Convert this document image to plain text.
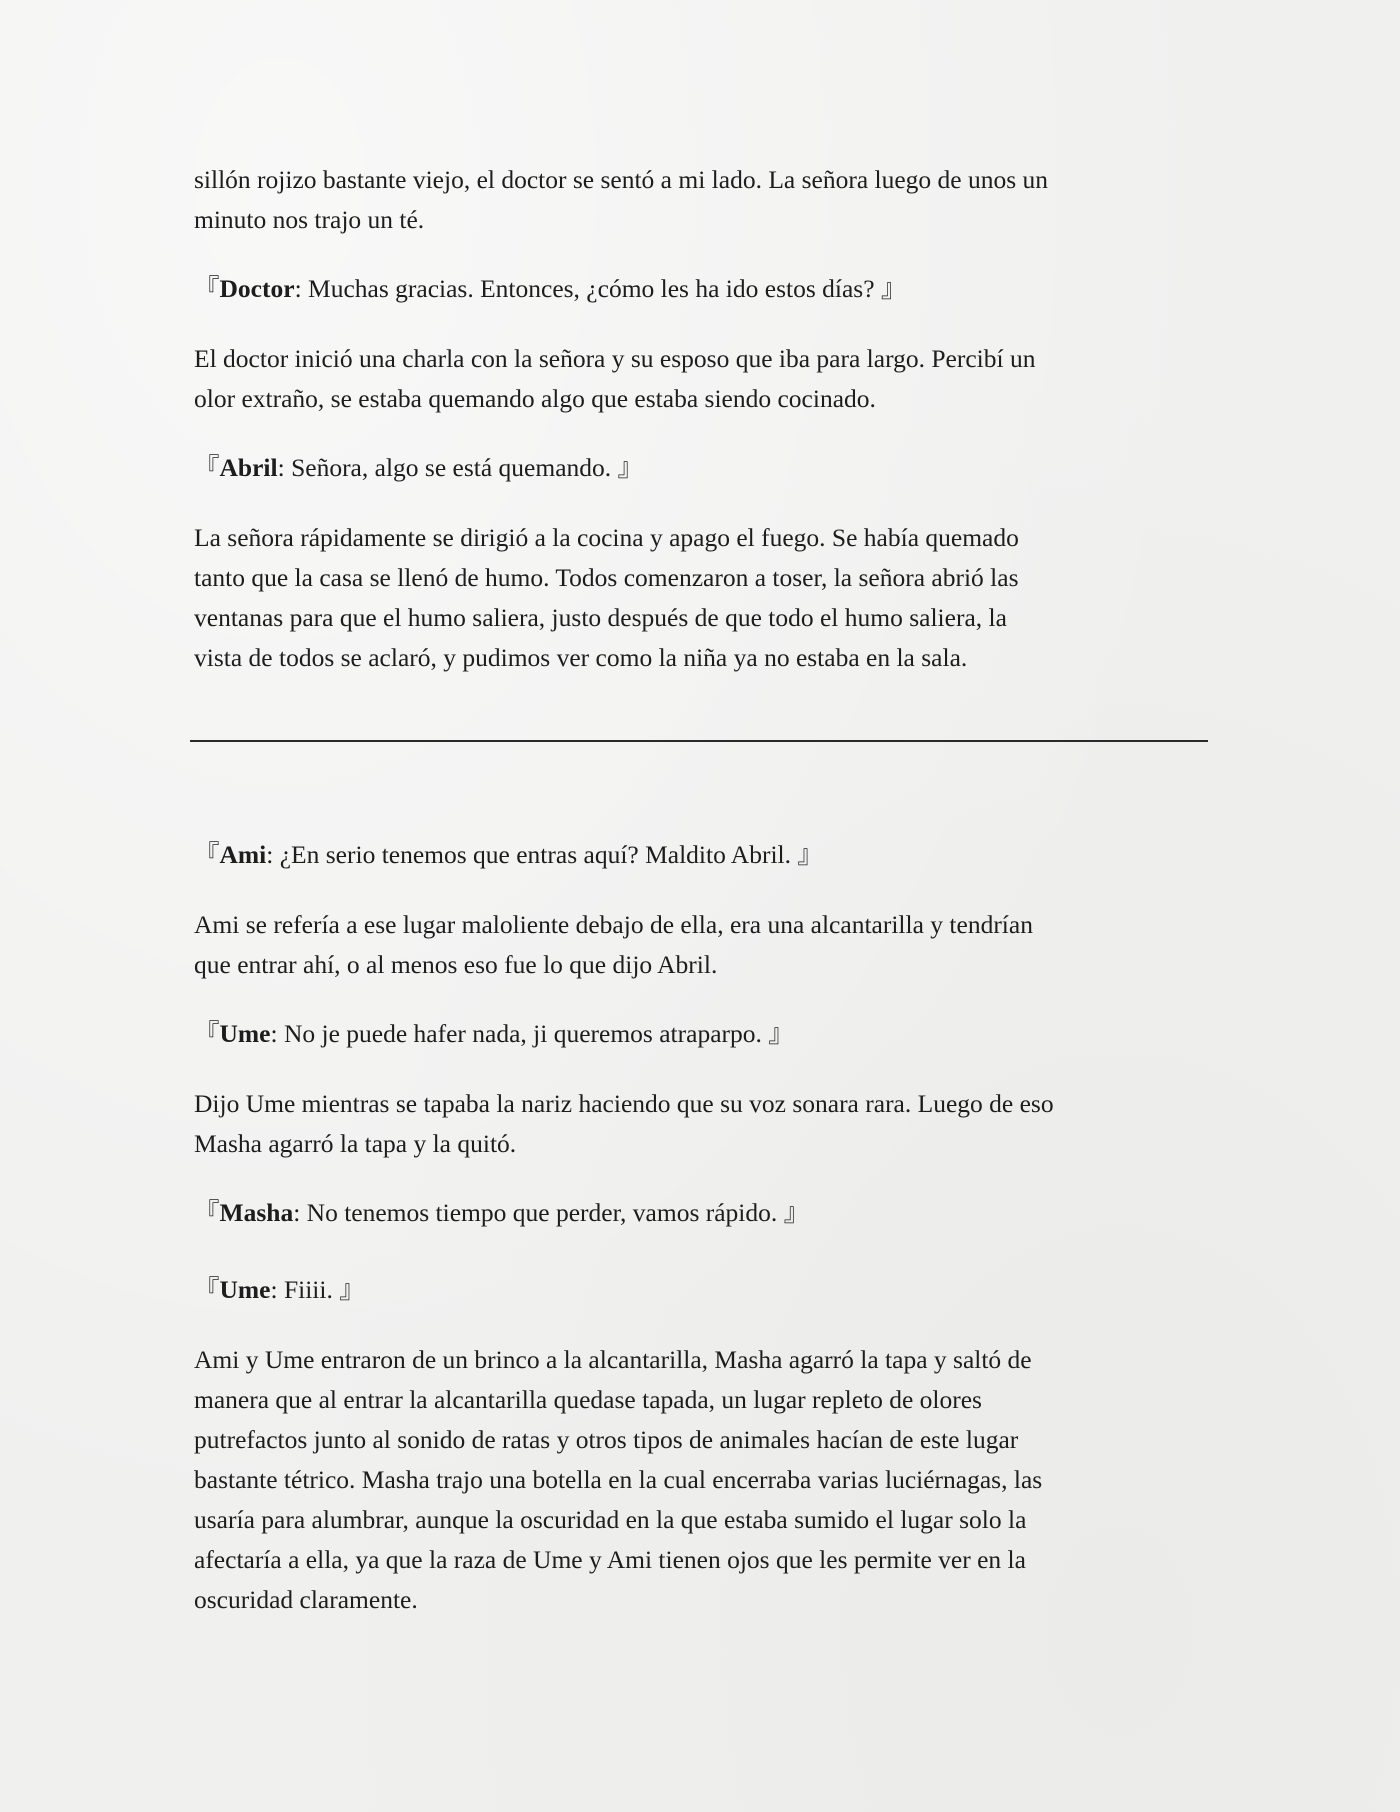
sillón rojizo bastante viejo, el doctor se sentó a mi lado. La señora luego de unos un
minuto nos trajo un té.

『Doctor: Muchas gracias. Entonces, ¿cómo les ha ido estos días? 』

El doctor inició una charla con la señora y su esposo que iba para largo. Percibí un
olor extraño, se estaba quemando algo que estaba siendo cocinado.

『Abril: Señora, algo se está quemando. 』

La señora rápidamente se dirigió a la cocina y apago el fuego. Se había quemado
tanto que la casa se llenó de humo. Todos comenzaron a toser, la señora abrió las
ventanas para que el humo saliera, justo después de que todo el humo saliera, la
vista de todos se aclaró, y pudimos ver como la niña ya no estaba en la sala.

『Ami: ¿En serio tenemos que entras aquí? Maldito Abril. 』

Ami se refería a ese lugar maloliente debajo de ella, era una alcantarilla y tendrían
que entrar ahí, o al menos eso fue lo que dijo Abril.

『Ume: No je puede hafer nada, ji queremos atraparpo. 』

Dijo Ume mientras se tapaba la nariz haciendo que su voz sonara rara. Luego de eso
Masha agarró la tapa y la quitó.

『Masha: No tenemos tiempo que perder, vamos rápido. 』

『Ume: Fiiii. 』

Ami y Ume entraron de un brinco a la alcantarilla, Masha agarró la tapa y saltó de
manera que al entrar la alcantarilla quedase tapada, un lugar repleto de olores
putrefactos junto al sonido de ratas y otros tipos de animales hacían de este lugar
bastante tétrico. Masha trajo una botella en la cual encerraba varias luciérnagas, las
usaría para alumbrar, aunque la oscuridad en la que estaba sumido el lugar solo la
afectaría a ella, ya que la raza de Ume y Ami tienen ojos que les permite ver en la
oscuridad claramente.
